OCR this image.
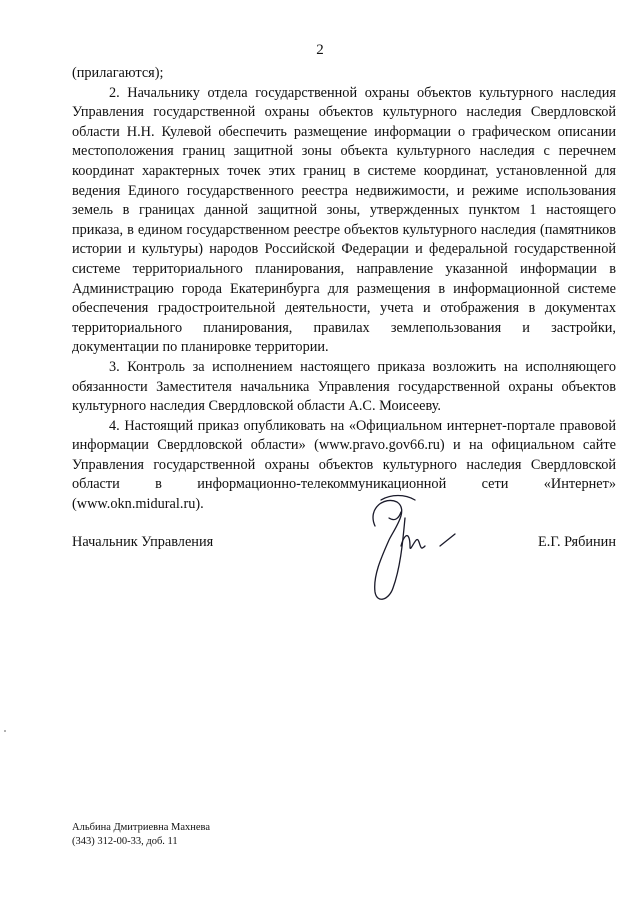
2

(прилагаются);

2. Начальнику отдела государственной охраны объектов культурного наследия Управления государственной охраны объектов культурного наследия Свердловской области Н.Н. Кулевой обеспечить размещение информации о графическом описании местоположения границ защитной зоны объекта культурного наследия с перечнем координат характерных точек этих границ в системе координат, установленной для ведения Единого государственного реестра недвижимости, и режиме использования земель в границах данной защитной зоны, утвержденных пунктом 1 настоящего приказа, в едином государственном реестре объектов культурного наследия (памятников истории и культуры) народов Российской Федерации и федеральной государственной системе территориального планирования, направление указанной информации в Администрацию города Екатеринбурга для размещения в информационной системе обеспечения градостроительной деятельности, учета и отображения в документах территориального планирования, правилах землепользования и застройки, документации по планировке территории.

3. Контроль за исполнением настоящего приказа возложить на исполняющего обязанности Заместителя начальника Управления государственной охраны объектов культурного наследия Свердловской области А.С. Моисееву.

4. Настоящий приказ опубликовать на «Официальном интернет-портале правовой информации Свердловской области» (www.pravo.gov66.ru) и на официальном сайте Управления государственной охраны объектов культурного наследия Свердловской области в информационно-телекоммуникационной сети «Интернет» (www.okn.midural.ru).

Начальник Управления	Е.Г. Рябинин
Альбина Дмитриевна Махнева
(343) 312-00-33, доб. 11
